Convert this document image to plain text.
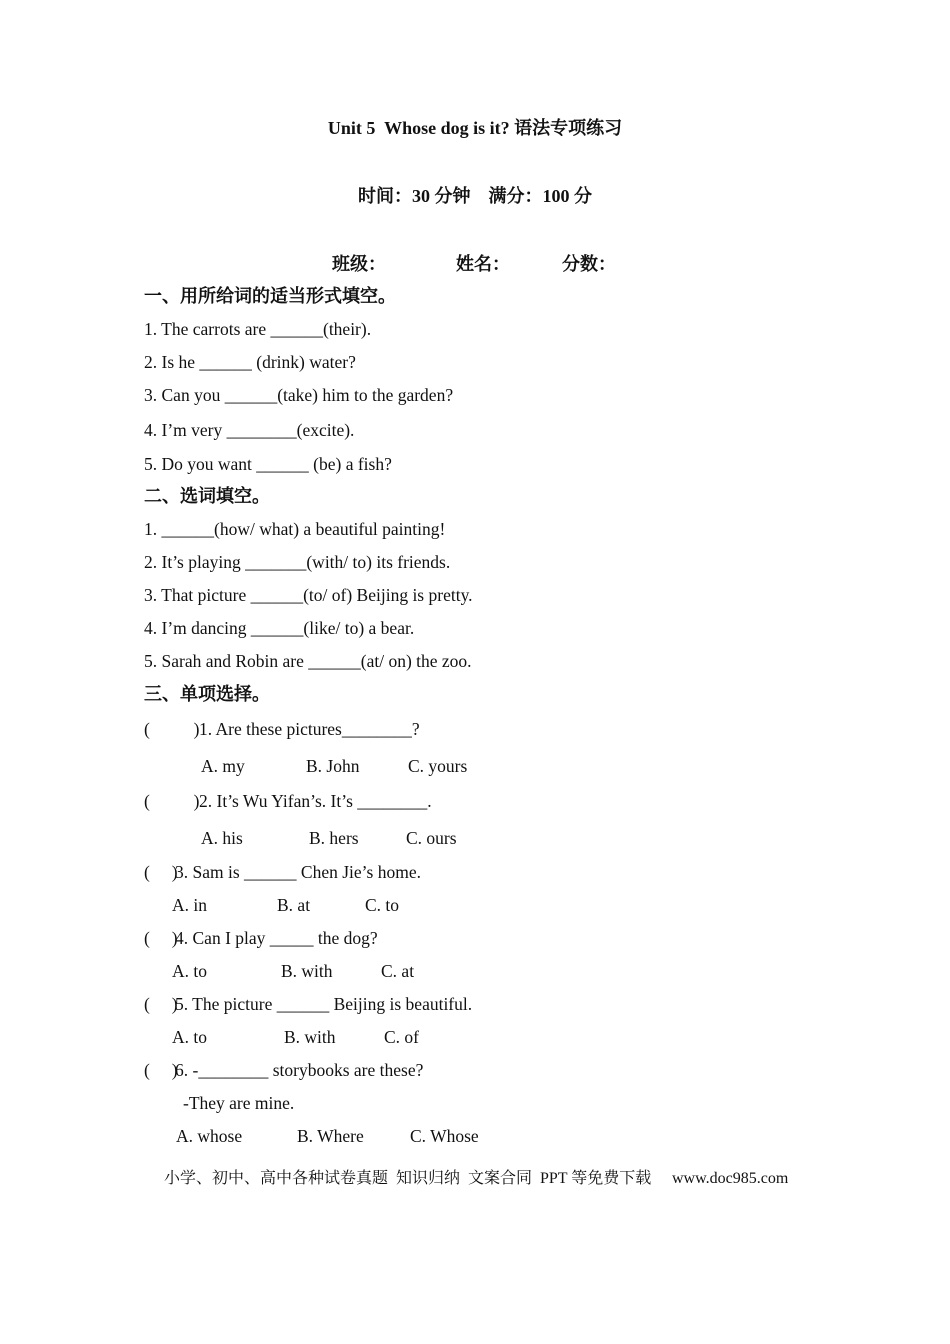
Unit 5  Whose dog is it? 语法专项练习
时间：30 分钟    满分：100 分
班级：	姓名：	分数：
一、用所给词的适当形式填空。
1. The carrots are ______(their).
2. Is he ______ (drink) water?
3. Can you ______(take) him to the garden?
4. I’m very ________(excite).
5. Do you want ______ (be) a fish?
二、选词填空。
1. ______(how/ what) a beautiful painting!
2. It’s playing _______(with/ to) its friends.
3. That picture ______(to/ of) Beijing is pretty.
4. I’m dancing ______(like/ to) a bear.
5. Sarah and Robin are ______(at/ on) the zoo.
三、单项选择。
(          ) 1. Are these pictures________?
A. my	B. John	C. yours
(          ) 2. It’s Wu Yifan’s. It’s ________.
A. his	B. hers	C. ours
(     )
3. Sam is ______ Chen Jie’s home.
A. in	B. at	C. to
(     )
4. Can I play _____ the dog?
A. to	B. with	C. at
(     )
5. The picture ______ Beijing is beautiful.
A. to	B. with	C. of
(     )
6. -________ storybooks are these?
-They are mine.
A. whose	B. Where	C. Whose
小学、初中、高中各种试卷真题  知识归纳  文案合同  PPT 等免费下载 www.doc985.com
